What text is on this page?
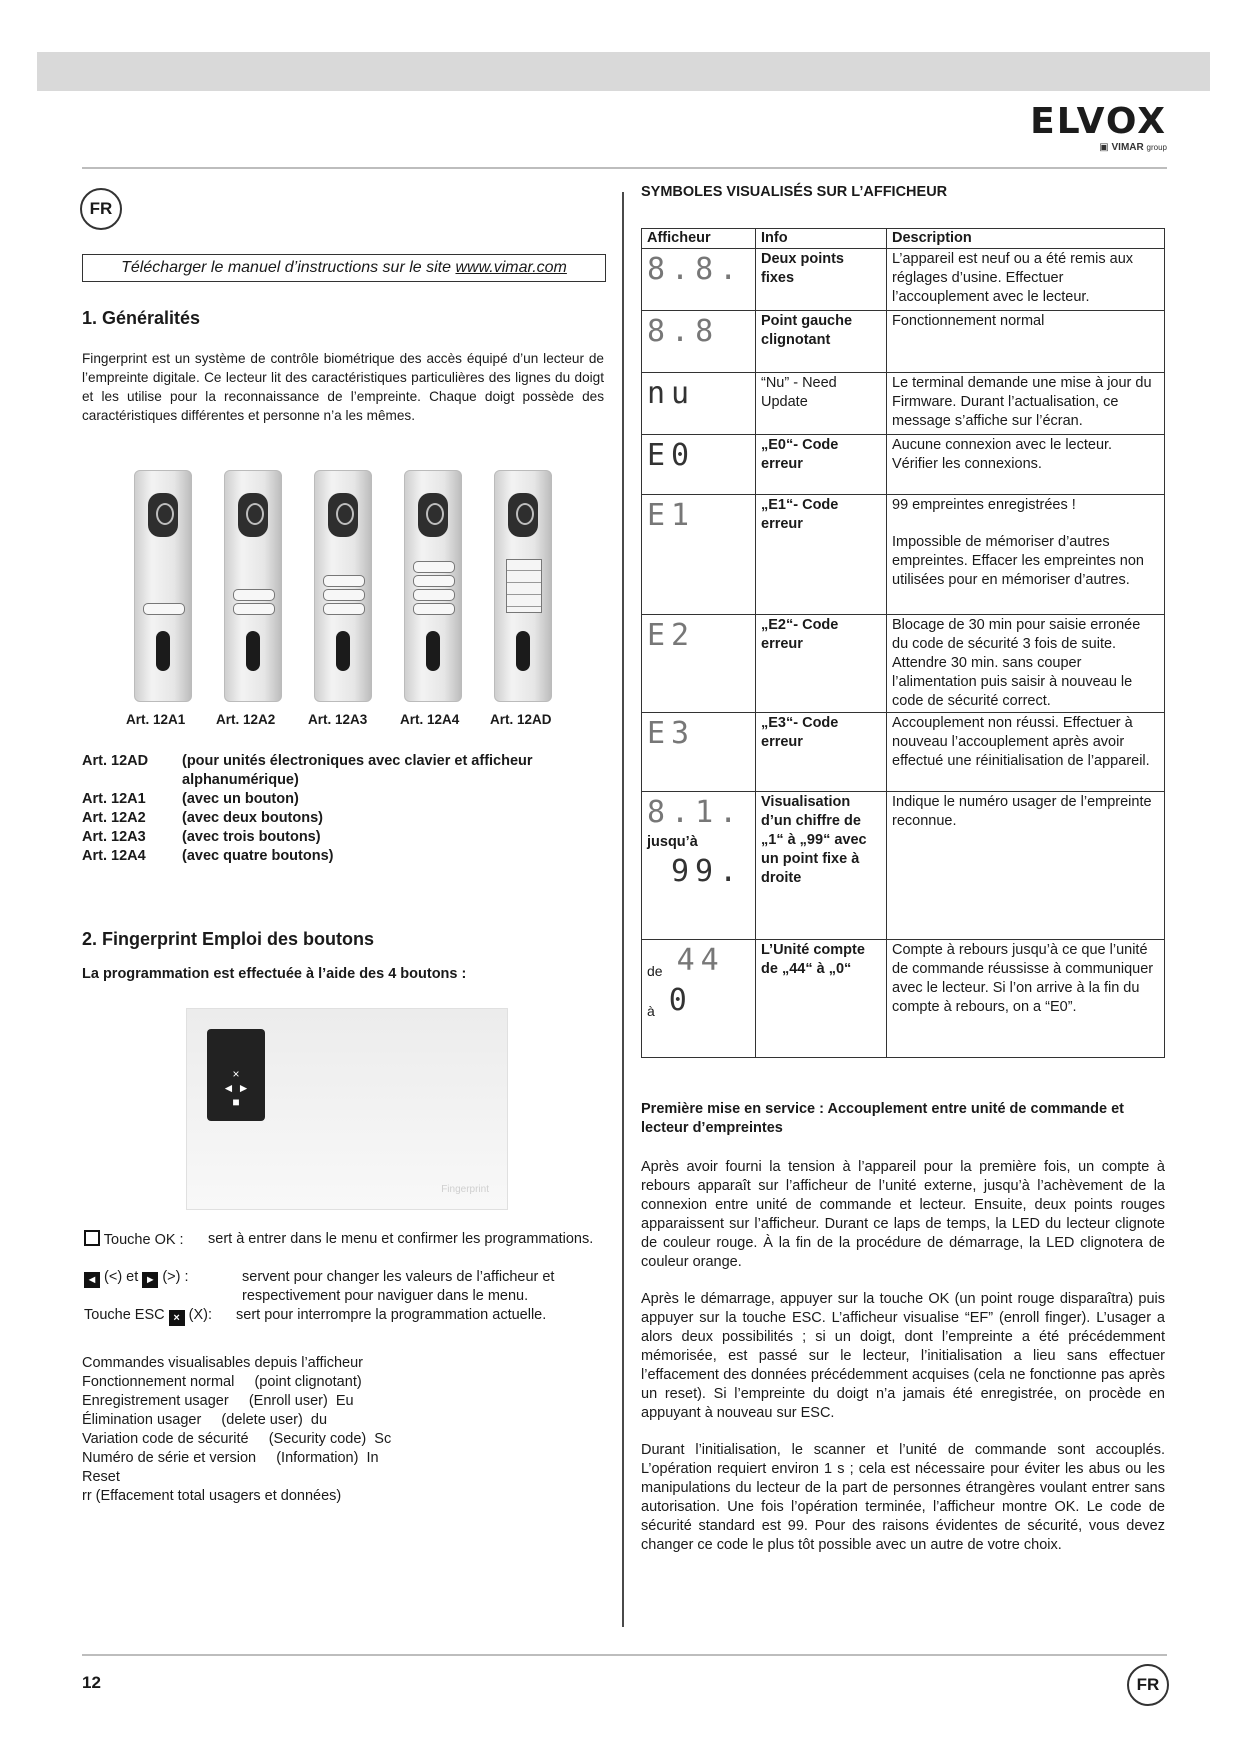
ELVOX
▣ VIMAR group
FR
Télécharger le manuel d’instructions sur le site www.vimar.com
1. Généralités
Fingerprint est un système de contrôle biométrique des accès équipé d’un lecteur de l’empreinte digitale. Ce lecteur lit des caractéristiques particulières des lignes du doigt et les utilise pour la reconnaissance de l’empreinte. Chaque doigt possède des caractéristiques différentes et personne n’a les mêmes.
Art. 12A1 Art. 12A2 Art. 12A3 Art. 12A4 Art. 12AD
Art. 12AD	(pour unités électroniques avec clavier et afficheur alphanumérique)
Art. 12A1	(avec un bouton)
Art. 12A2	(avec deux boutons)
Art. 12A3	(avec trois boutons)
Art. 12A4	(avec quatre boutons)
2. Fingerprint Emploi des boutons
La programmation est effectuée à l’aide des 4 boutons :
×
◄ ►
■
Fingerprint
Touche OK :	sert à entrer dans le menu et confirmer les programmations.
◄ (<) et ► (>) :	servent pour changer les valeurs de l’afficheur et respectivement pour naviguer dans le menu.
Touche ESC × (X):	sert pour interrompre la programmation actuelle.
Commandes visualisables depuis l’afficheur
Fonctionnement normal     (point clignotant)
Enregistrement usager     (Enroll user)  Eu
Élimination usager     (delete user)  du
Variation code de sécurité     (Security code)  Sc
Numéro de série et version     (Information)  In
Reset
rr (Effacement total usagers et données)
SYMBOLES VISUALISÉS SUR L’AFFICHEUR
Afficheur	Info	Description

8.8.	Deux points fixes	L’appareil est neuf ou a été remis aux réglages d’usine. Effectuer l’accouplement avec le lecteur.

8.8	Point gauche clignotant	Fonctionnement normal

nu	“Nu” - Need Update	Le terminal demande une mise à jour du Firmware. Durant l’actualisation, ce message s’affiche sur l’écran.

E0	„E0“- Code erreur	Aucune connexion avec le lecteur. Vérifier les connexions.

E1	„E1“- Code erreur	99 empreintes enregistrées !
Impossible de mémoriser d’autres empreintes. Effacer les empreintes non utilisées pour en mémoriser d’autres.

E2	„E2“- Code erreur	Blocage de 30 min pour saisie erronée du code de sécurité 3 fois de suite. Attendre 30 min. sans couper l’alimentation puis saisir à nouveau le code de sécurité correct.

E3	„E3“- Code erreur	Accouplement non réussi. Effectuer à nouveau l’accouplement après avoir effectué une réinitialisation de l’appareil.

8.1.
jusqu’à
99.	Visualisation d’un chiffre de „1“ à „99“ avec un point fixe à droite	Indique le numéro usager de l’empreinte reconnue.

de 44
à 0	L’Unité compte de „44“ à „0“	Compte à rebours jusqu’à ce que l’unité de commande réussisse à communiquer avec le lecteur. Si l’on arrive à la fin du compte à rebours, on a “E0”.
Première mise en service : Accouplement entre unité de commande et lecteur d’empreintes
Après avoir fourni la tension à l’appareil pour la première fois, un compte à rebours apparaît sur l’afficheur de l’unité externe, jusqu’à l’achèvement de la connexion entre unité de commande et lecteur. Ensuite, deux points rouges apparaissent sur l’afficheur. Durant ce laps de temps, la LED du lecteur clignote de couleur rouge. À la fin de la procédure de démarrage, la LED clignotera de couleur orange.
Après le démarrage, appuyer sur la touche OK (un point rouge disparaîtra) puis appuyer sur la touche ESC. L’afficheur visualise “EF” (enroll finger). L’usager a alors deux possibilités ; si un doigt, dont l’empreinte a été précédemment mémorisée, est passé sur le lecteur, l’initialisation a lieu sans effectuer l’effacement des données précédemment acquises (cela ne fonctionne pas après un reset). Si l’empreinte du doigt n’a jamais été enregistrée, on procède en appuyant à nouveau sur ESC.
Durant l’initialisation, le scanner et l’unité de commande sont accouplés. L’opération requiert environ 1 s ; cela est nécessaire pour éviter les abus ou les manipulations du lecteur de la part de personnes étrangères voulant entrer sans autorisation. Une fois l’opération terminée, l’afficheur montre OK. Le code de sécurité standard est 99. Pour des raisons évidentes de sécurité, vous devez changer ce code le plus tôt possible avec un autre de votre choix.
12	FR
